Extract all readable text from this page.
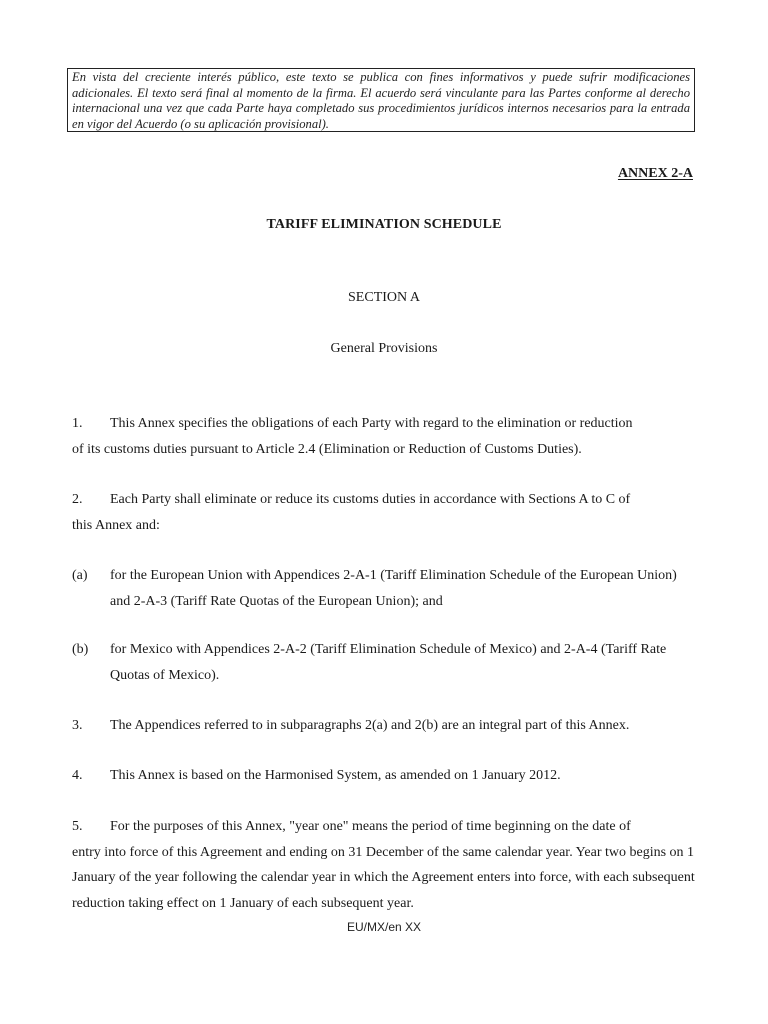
En vista del creciente interés público, este texto se publica con fines informativos y puede sufrir modificaciones adicionales. El texto será final al momento de la firma. El acuerdo será vinculante para las Partes conforme al derecho internacional una vez que cada Parte haya completado sus procedimientos jurídicos internos necesarios para la entrada en vigor del Acuerdo (o su aplicación provisional).
ANNEX 2-A
TARIFF ELIMINATION SCHEDULE
SECTION A
General Provisions
1. This Annex specifies the obligations of each Party with regard to the elimination or reduction
of its customs duties pursuant to Article 2.4 (Elimination or Reduction of Customs Duties).
2. Each Party shall eliminate or reduce its customs duties in accordance with Sections A to C of
this Annex and:
(a) for the European Union with Appendices 2-A-1 (Tariff Elimination Schedule of the European Union) and 2-A-3 (Tariff Rate Quotas of the European Union); and
(b) for Mexico with Appendices 2-A-2 (Tariff Elimination Schedule of Mexico) and 2-A-4 (Tariff Rate Quotas of Mexico).
3. The Appendices referred to in subparagraphs 2(a) and 2(b) are an integral part of this Annex.
4. This Annex is based on the Harmonised System, as amended on 1 January 2012.
5. For the purposes of this Annex, "year one" means the period of time beginning on the date of
entry into force of this Agreement and ending on 31 December of the same calendar year. Year two begins on 1 January of the year following the calendar year in which the Agreement enters into force, with each subsequent reduction taking effect on 1 January of each subsequent year.
EU/MX/en XX
